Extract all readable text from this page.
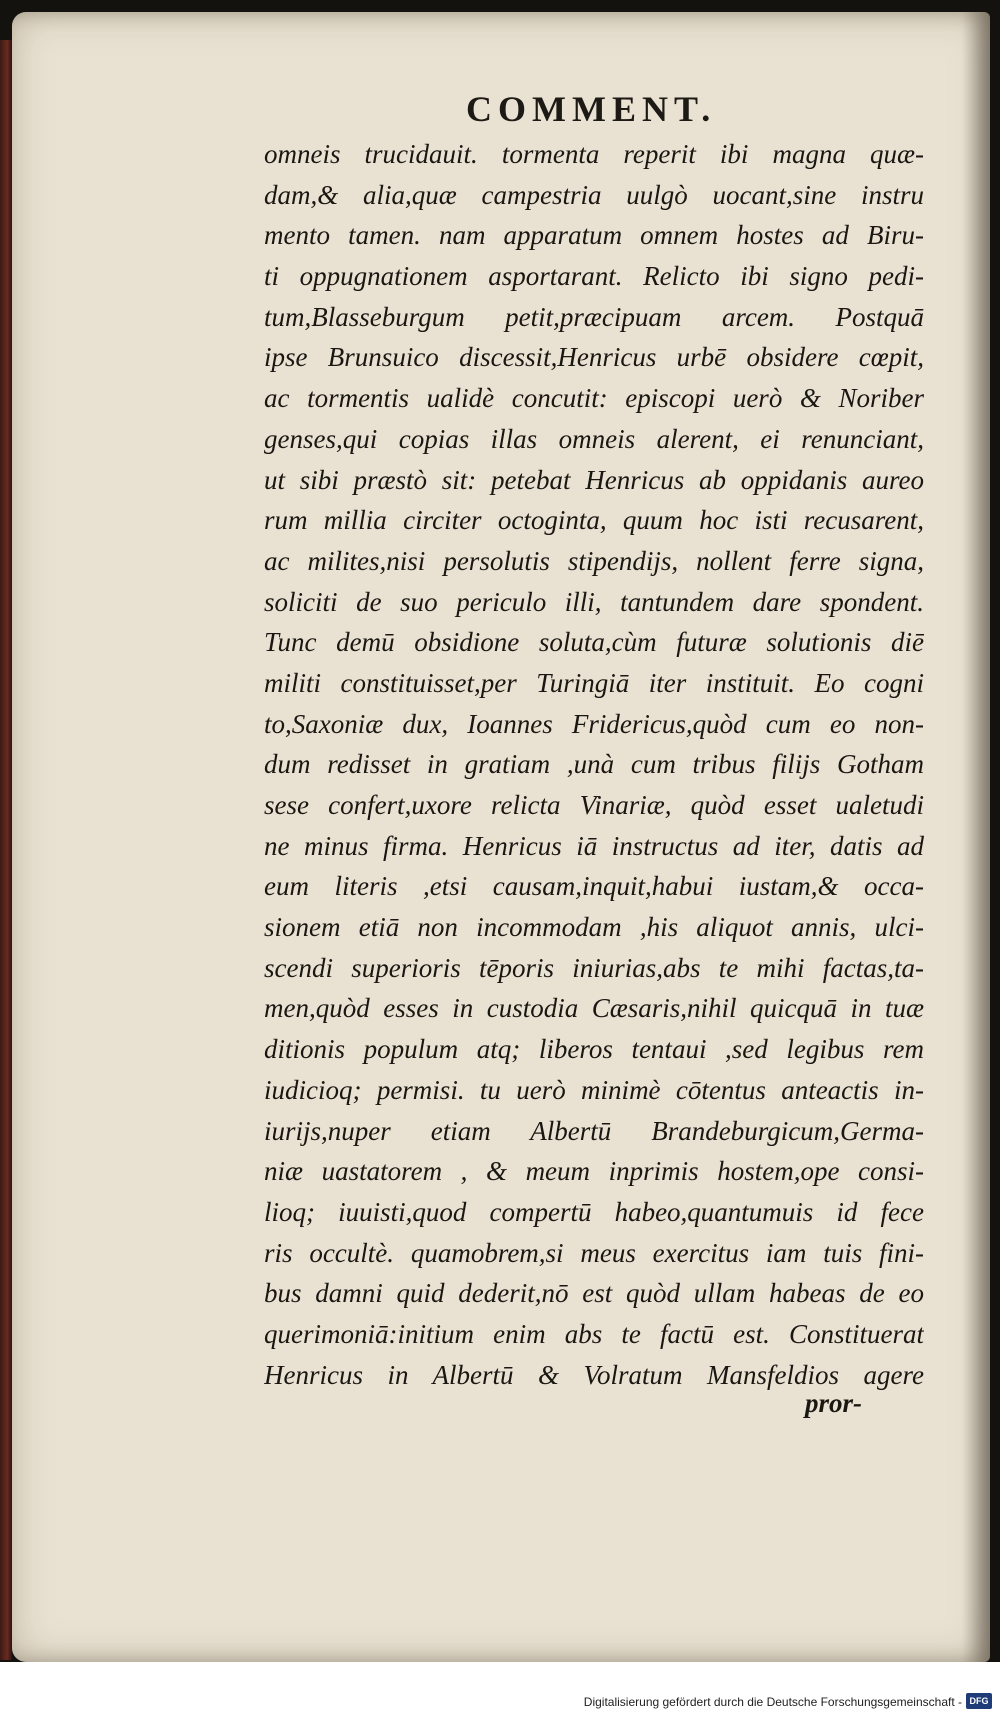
COMMENT.
omneis trucidauit. tormenta reperit ibi magna quæ-
dam,& alia,quæ campestria uulgò uocant,sine instru
mento tamen. nam apparatum omnem hostes ad Biru-
ti oppugnationem asportarant. Relicto ibi signo pedi-
tum,Blasseburgum petit,præcipuam arcem. Postquā
ipse Brunsuico discessit,Henricus urbē obsidere cœpit,
ac tormentis ualidè concutit: episcopi uerò & Noriber
genses,qui copias illas omneis alerent, ei renunciant,
ut sibi præstò sit: petebat Henricus ab oppidanis aureo
rum millia circiter octoginta, quum hoc isti recusarent,
ac milites,nisi persolutis stipendijs, nollent ferre signa,
soliciti de suo periculo illi, tantundem dare spondent.
Tunc demū obsidione soluta,cùm futuræ solutionis diē
militi constituisset,per Turingiā iter instituit. Eo cogni
to,Saxoniæ dux, Ioannes Fridericus,quòd cum eo non-
dum redisset in gratiam ,unà cum tribus filijs Gotham
sese confert,uxore relicta Vinariæ, quòd esset ualetudi
ne minus firma. Henricus iā instructus ad iter, datis ad
eum literis ,etsi causam,inquit,habui iustam,& occa-
sionem etiā non incommodam ,his aliquot annis, ulci-
scendi superioris tēporis iniurias,abs te mihi factas,ta-
men,quòd esses in custodia Cæsaris,nihil quicquā in tuæ
ditionis populum atq; liberos tentaui ,sed legibus rem
iudicioq; permisi. tu uerò minimè cōtentus anteactis in-
iurijs,nuper etiam Albertū Brandeburgicum,Germa-
niæ uastatorem , & meum inprimis hostem,ope consi-
lioq; iuuisti,quod compertū habeo,quantumuis id fece
ris occultè. quamobrem,si meus exercitus iam tuis fini-
bus damni quid dederit,nō est quòd ullam habeas de eo
querimoniā:initium enim abs te factū est. Constituerat
Henricus in Albertū & Volratum Mansfeldios agere
pror-
Digitalisierung gefördert durch die Deutsche Forschungsgemeinschaft - DFG
